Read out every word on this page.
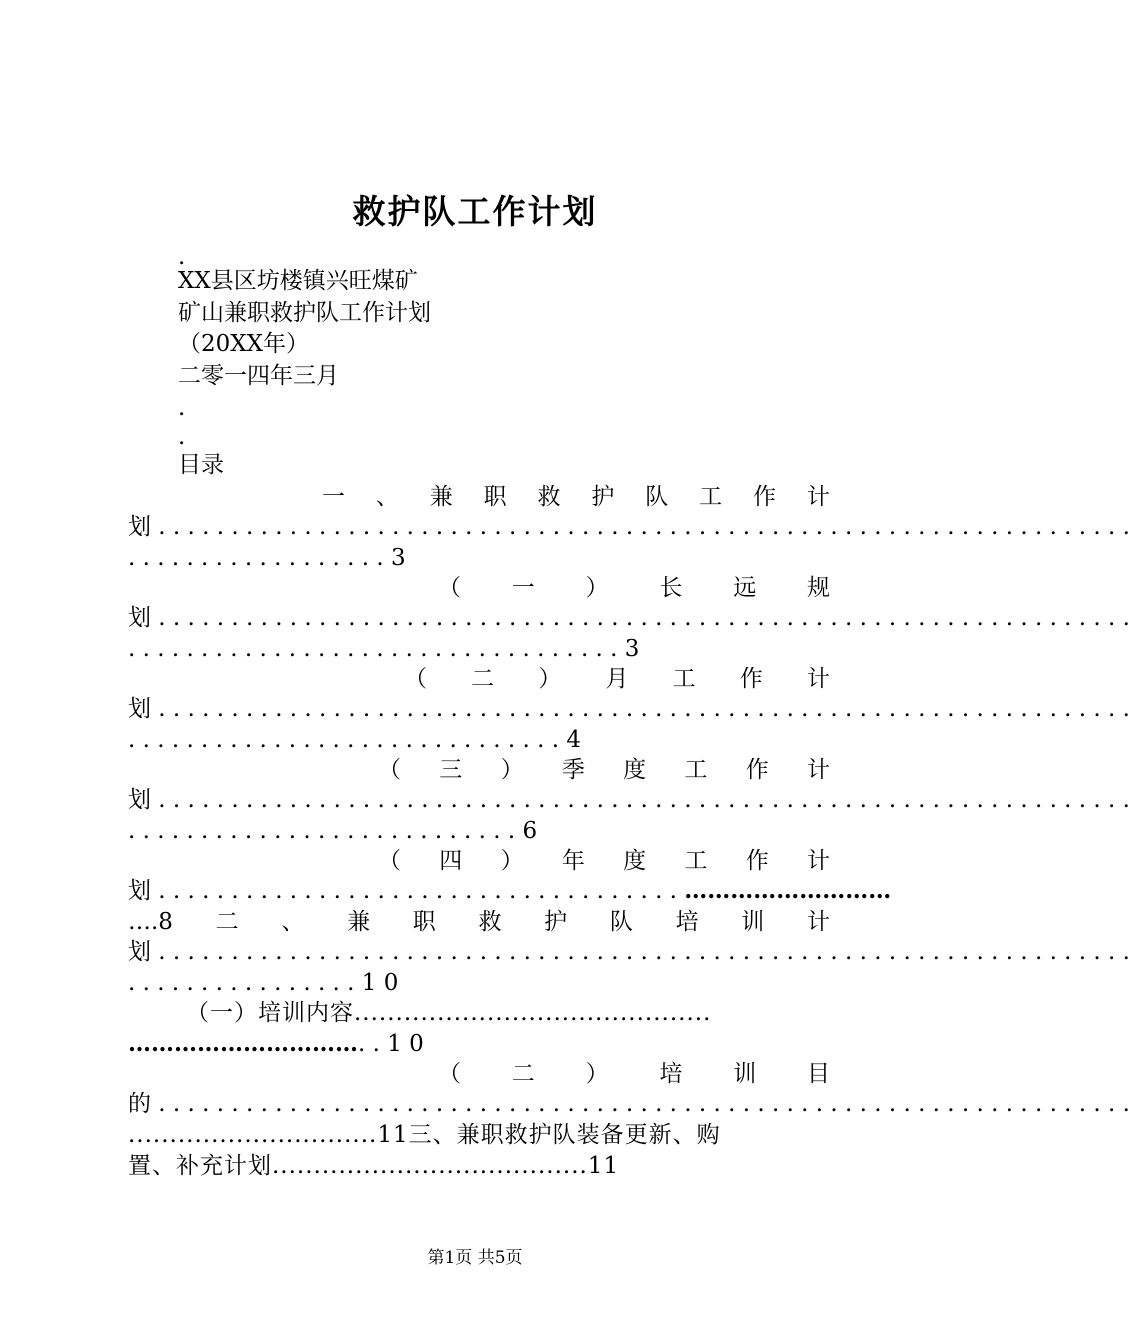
救护队工作计划
.
XX县区坊楼镇兴旺煤矿
矿山兼职救护队工作计划
（20XX年）
二零一四年三月
.
.
目录
一 、 兼 职 救 护 队 工 作 计
划...................................................................
..................3
（ 一 ） 长 远 规
划...................................................................
..................................3
（ 二 ） 月 工 作 计
划...................................................................
..............................4
（ 三 ） 季 度 工 作 计
划...................................................................
...........................6
（ 四 ） 年 度 工 作 计
划....................................………………………
….8 二 、 兼 职 救 护 队 培 训 计
划...................................................................
................10
（一）培训内容...........................................
…………………………..10
（ 二 ） 培 训 目
的...................................................................
..............................11三、兼职救护队装备更新、购
置、补充计划......................................11
第1页 共5页
